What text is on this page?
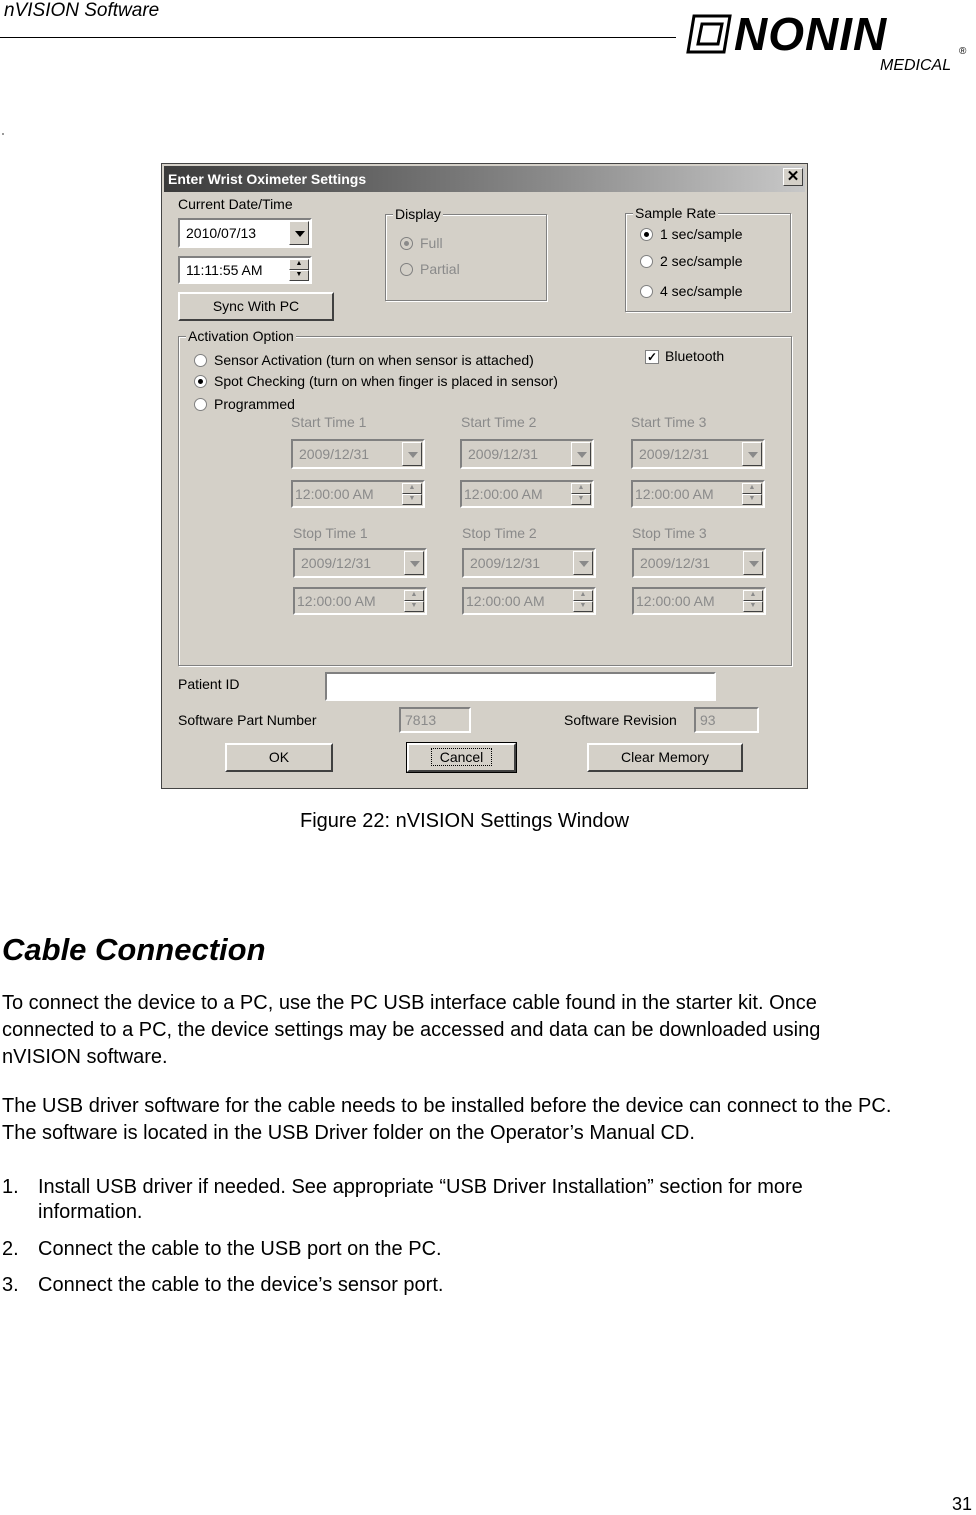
nVISION Software	NONIN	®
MEDICAL
Enter Wrist Oximeter Settings	✕
Current Date/Time
2010/07/13
11:11:55 AM	▲
▼
Sync With PC
Display
Full
Partial
Sample Rate
1 sec/sample
2 sec/sample
4 sec/sample
Activation Option
Sensor Activation (turn on when sensor is attached)
Spot Checking (turn on when finger is placed in sensor)
Programmed
✓ Bluetooth
Start Time 1
2009/12/31
12:00:00 AM	▲
▼
Start Time 2
2009/12/31
12:00:00 AM	▲
▼
Start Time 3
2009/12/31
12:00:00 AM	▲
▼
Stop Time 1
2009/12/31
12:00:00 AM	▲
▼
Stop Time 2
2009/12/31
12:00:00 AM	▲
▼
Stop Time 3
2009/12/31
12:00:00 AM	▲
▼
Patient ID
Software Part Number	7813	Software Revision	93
OK	Cancel	Clear Memory
Figure 22: nVISION Settings Window
Cable Connection
To connect the device to a PC, use the PC USB interface cable found in the starter kit. Once connected to a PC, the device settings may be accessed and data can be downloaded using nVISION software.
The USB driver software for the cable needs to be installed before the device can connect to the PC. The software is located in the USB Driver folder on the Operator’s Manual CD.
1. Install USB driver if needed. See appropriate “USB Driver Installation” section for more information.
2. Connect the cable to the USB port on the PC.
3. Connect the cable to the device’s sensor port.
31
